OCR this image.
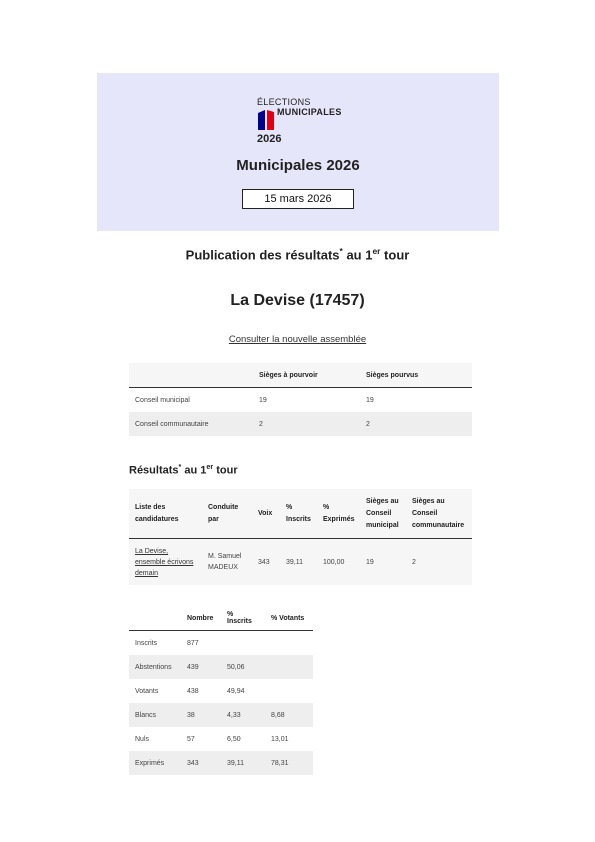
ÉLECTIONS
MUNICIPALES
2026
Municipales 2026
15 mars 2026
Publication des résultats* au 1er tour
La Devise (17457)
Consulter la nouvelle assemblée
	Sièges à pourvoir	Sièges pourvus
Conseil municipal	19	19
Conseil communautaire	2	2
Résultats* au 1er tour
Liste des candidatures	Conduite par	Voix	% Inscrits	% Exprimés	Sièges au Conseil municipal	Sièges au Conseil communautaire
La Devise, ensemble écrivons demain	M. Samuel MADEUX	343	39,11	100,00	19	2
	Nombre	% Inscrits	% Votants
Inscrits	877		
Abstentions	439	50,06	
Votants	438	49,94	
Blancs	38	4,33	8,68
Nuls	57	6,50	13,01
Exprimés	343	39,11	78,31
